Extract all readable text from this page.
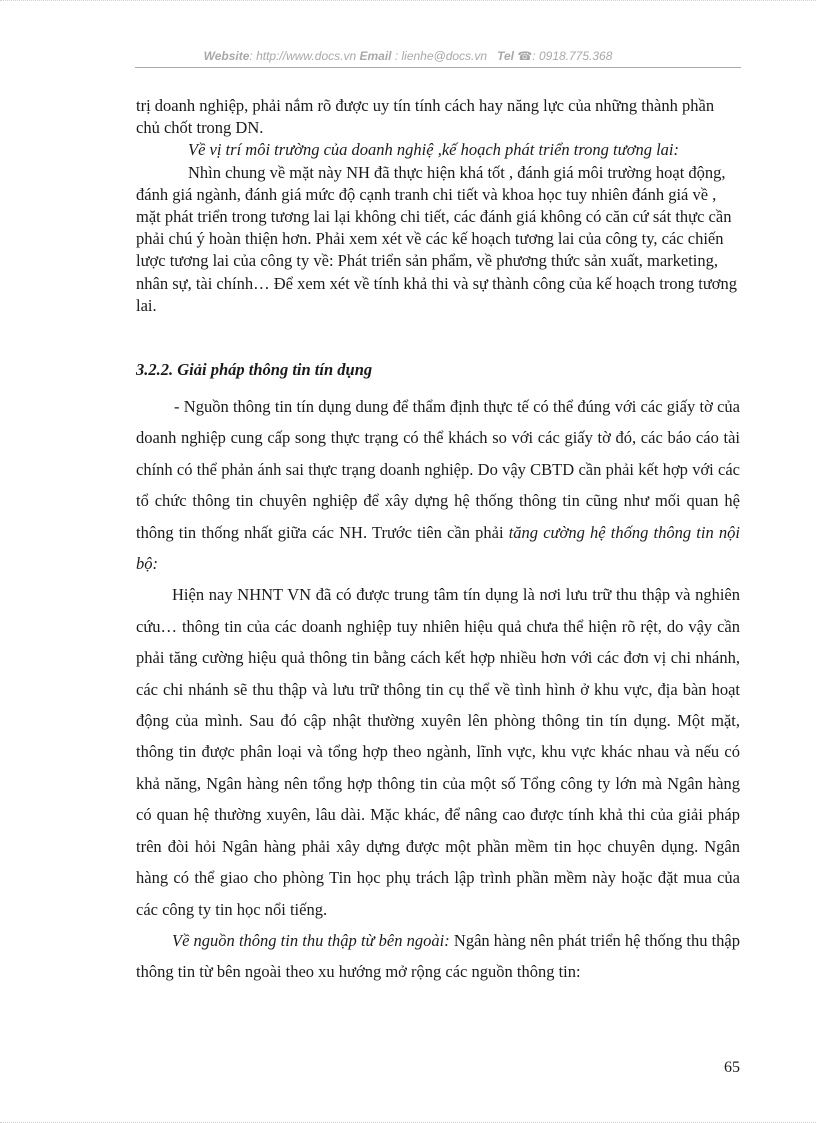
Website: http://www.docs.vn Email : lienhe@docs.vn Tel ☎: 0918.775.368

trị doanh nghiệp, phải nắm rõ được uy tín tính cách hay năng lực của những thành phần chủ chốt trong DN.

Về vị trí môi trường của doanh nghiệ ,kế hoạch phát triển trong tương lai:

Nhìn chung về mặt này NH đã thực hiện khá tốt , đánh giá môi trường hoạt động, đánh giá ngành, đánh giá mức độ cạnh tranh chi tiết và khoa học tuy nhiên đánh giá về , mặt phát triển trong tương lai lại không chi tiết, các đánh giá không có căn cứ sát thực cần phải chú ý hoàn thiện hơn. Phải xem xét về các kế hoạch tương lai của công ty, các chiến lược tương lai của công ty về: Phát triển sản phẩm, về phương thức sản xuất, marketing, nhân sự, tài chính… Để xem xét về tính khả thi và sự thành công của kế hoạch trong tương lai.

3.2.2. Giải pháp thông tin tín dụng

- Nguồn thông tin tín dụng dung để thẩm định thực tế có thể đúng với các giấy tờ của doanh nghiệp cung cấp song thực trạng có thể khách so với các giấy tờ đó, các báo cáo tài chính có thể phản ánh sai thực trạng doanh nghiệp. Do vậy CBTD cần phải kết hợp với các tổ chức thông tin chuyên nghiệp để xây dựng hệ thống thông tin cũng như mối quan hệ thông tin thống nhất giữa các NH. Trước tiên cần phải tăng cường hệ thống thông tin nội bộ:

Hiện nay NHNT VN đã có được trung tâm tín dụng là nơi lưu trữ thu thập và nghiên cứu… thông tin của các doanh nghiệp tuy nhiên hiệu quả chưa thể hiện rõ rệt, do vậy cần phải tăng cường hiệu quả thông tin bằng cách kết hợp nhiều hơn với các đơn vị chi nhánh, các chi nhánh sẽ thu thập và lưu trữ thông tin cụ thể về tình hình ở khu vực, địa bàn hoạt động của mình. Sau đó cập nhật thường xuyên lên phòng thông tin tín dụng. Một mặt, thông tin được phân loại và tổng hợp theo ngành, lĩnh vực, khu vực khác nhau và nếu có khả năng, Ngân hàng nên tổng hợp thông tin của một số Tổng công ty lớn mà Ngân hàng có quan hệ thường xuyên, lâu dài. Mặc khác, để nâng cao được tính khả thi của giải pháp trên đòi hỏi Ngân hàng phải xây dựng được một phần mềm tin học chuyên dụng. Ngân hàng có thể giao cho phòng Tin học phụ trách lập trình phần mềm này hoặc đặt mua của các công ty tin học nổi tiếng.

Về nguồn thông tin thu thập từ bên ngoài: Ngân hàng nên phát triển hệ thống thu thập thông tin từ bên ngoài theo xu hướng mở rộng các nguồn thông tin:

65
